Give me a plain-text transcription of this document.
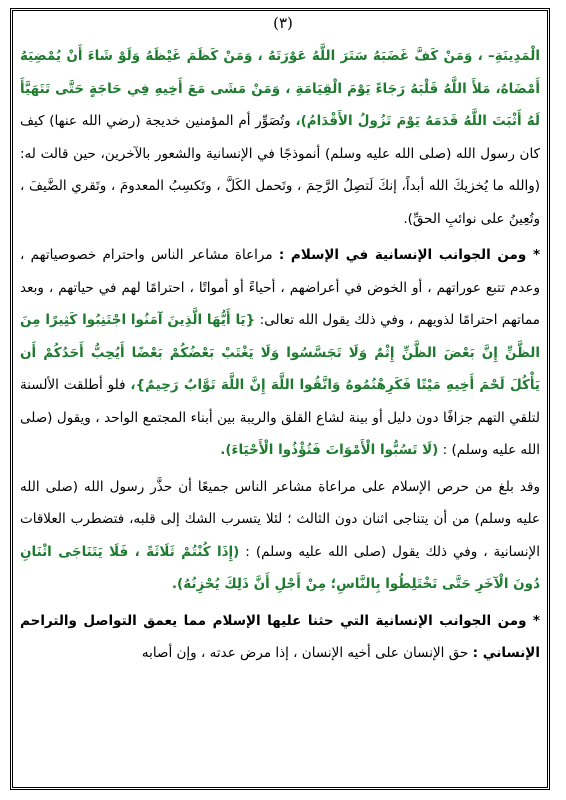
(٣)

الْمَدِينَةِ– ، وَمَنْ كَفَّ غَضَبَهُ سَتَرَ اللَّهُ عَوْرَتَهُ ، وَمَنْ كَظَمَ غَيْظَهُ وَلَوْ شَاءَ أَنْ يُمْضِيَهُ أَمْضَاهُ، مَلأَ اللَّهُ قَلْبَهُ رَجَاءً يَوْمَ الْقِيَامَةِ ، وَمَنْ مَشَى مَعَ أَخِيهِ فِي حَاجَةٍ حَتَّى تَتَهَيَّأَ لَهُ أَثْبَتَ اللَّهُ قَدَمَهُ يَوْمَ تَزُولُ الأَقْدَامُ)، وتُصَوِّر أم المؤمنين خديجة (رضي الله عنها) كيف كان رسول الله (صلى الله عليه وسلم) أنموذجًا في الإنسانية والشعور بالآخرين، حين قالت له: (والله ما يُخزيكَ الله أبداً، إنكَ لَتصِلُ الرَّحِمَ ، وتَحمل الكَلَّ ، وتَكسِبُ المعدومَ ، وتَقري الضَّيفَ ، وتُعِينُ على نوائبِ الحقِّ).

* ومن الجوانب الإنسانية في الإسلام : مراعاة مشاعر الناس واحترام خصوصياتهم ، وعدم تتبع عوراتهم ، أو الخوض في أعراضهم ، أحياءً أو أمواتًا ، احترامًا لهم في حياتهم ، وبعد مماتهم احترامًا لذويهم ، وفي ذلك يقول الله تعالى: {يَا أَيُّهَا الَّذِينَ آمَنُوا اجْتَنِبُوا كَثِيرًا مِنَ الظَّنِّ إِنَّ بَعْضَ الظَّنِّ إِثْمٌ وَلَا تَجَسَّسُوا وَلَا يَغْتَبْ بَعْضُكُمْ بَعْضًا أَيُحِبُّ أَحَدُكُمْ أَن يَأْكُلَ لَحْمَ أَخِيهِ مَيْتًا فَكَرِهْتُمُوهُ وَاتَّقُوا اللَّهَ إِنَّ اللَّهَ تَوَّابٌ رَحِيمٌ}، فلو أطلقت الألسنة لتلقي التهم جزافًا دون دليل أو بينة لشاع القلق والريبة بين أبناء المجتمع الواحد ، ويقول (صلى الله عليه وسلم) : (لَا تَسُبُّوا الْأَمْوَاتَ فَتُؤْذُوا الْأَحْيَاءَ).

وقد بلغ من حرص الإسلام على مراعاة مشاعر الناس جميعًا أن حذَّر رسول الله (صلى الله عليه وسلم) من أن يتناجى اثنان دون الثالث ؛ لئلا يتسرب الشك إلى قلبه، فتضطرب العلاقات الإنسانية ، وفي ذلك يقول (صلى الله عليه وسلم) : (إِذَا كُنْتُمْ ثَلَاثَةً ، فَلَا يَتَنَاجَى اثْنَانِ دُونَ الْآخَرِ حَتَّى تَخْتَلِطُوا بِالنَّاسِ؛ مِنْ أَجْلِ أَنَّ ذَلِكَ يُحْزِنُهُ).

* ومن الجوانب الإنسانية التي حثنا عليها الإسلام مما يعمق التواصل والتراحم الإنساني : حق الإنسان على أخيه الإنسان ، إذا مرض عدته ، وإن أصابه
